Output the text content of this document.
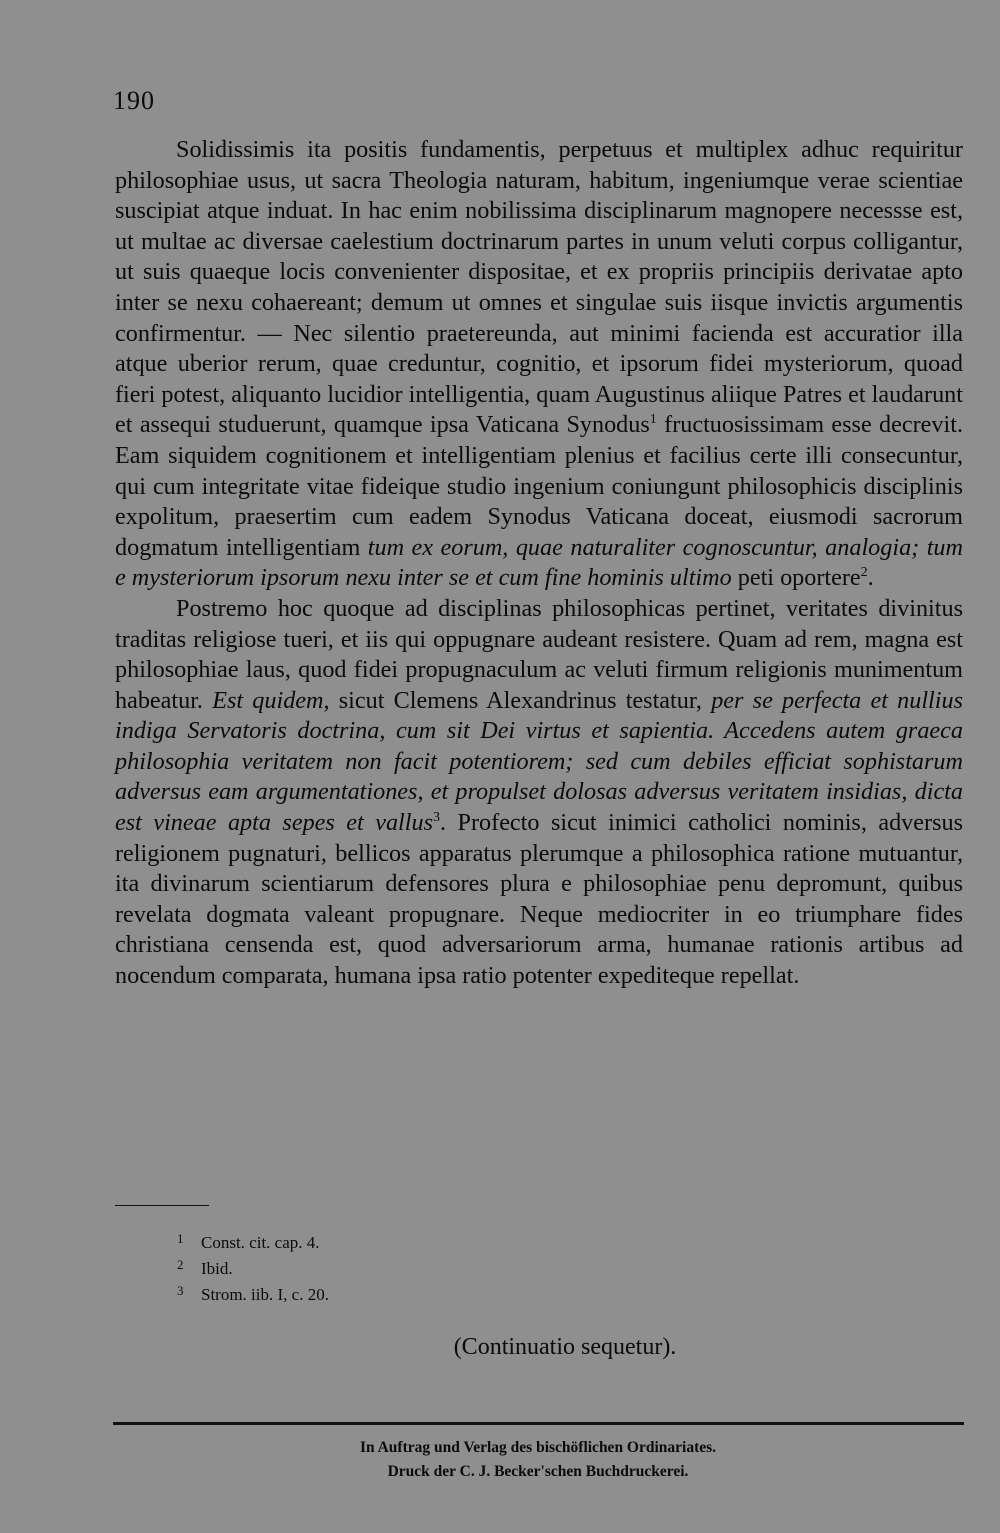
190

Solidissimis ita positis fundamentis, perpetuus et multiplex adhuc requiritur philosophiae usus, ut sacra Theologia naturam, habitum, ingeniumque verae scientiae suscipiat atque induat. In hac enim nobilissima disciplinarum magnopere necessse est, ut multae ac diversae caelestium doctrinarum partes in unum veluti corpus colligantur, ut suis quaeque locis convenienter dispositae, et ex propriis principiis derivatae apto inter se nexu cohaereant; demum ut omnes et singulae suis iisque invictis argumentis confirmentur. — Nec silentio praetereunda, aut minimi facienda est accuratior illa atque uberior rerum, quae creduntur, cognitio, et ipsorum fidei mysteriorum, quoad fieri potest, aliquanto lucidior intelligentia, quam Augustinus aliique Patres et laudarunt et assequi studuerunt, quamque ipsa Vaticana Synodus$^1$ fructuosissimam esse decrevit. Eam siquidem cognitionem et intelligentiam plenius et facilius certe illi consecuntur, qui cum integritate vitae fideique studio ingenium coniungunt philosophicis disciplinis expolitum, praesertim cum eadem Synodus Vaticana doceat, eiusmodi sacrorum dogmatum intelligentiam tum ex eorum, quae naturaliter cognoscuntur, analogia; tum e mysteriorum ipsorum nexu inter se et cum fine hominis ultimo peti oportere$^2$.

Postremo hoc quoque ad disciplinas philosophicas pertinet, veritates divinitus traditas religiose tueri, et iis qui oppugnare audeant resistere. Quam ad rem, magna est philosophiae laus, quod fidei propugnaculum ac veluti firmum religionis munimentum habeatur. Est quidem, sicut Clemens Alexandrinus testatur, per se perfecta et nullius indiga Servatoris doctrina, cum sit Dei virtus et sapientia. Accedens autem graeca philosophia veritatem non facit potentiorem; sed cum debiles efficiat sophistarum adversus eam argumentationes, et propulset dolosas adversus veritatem insidias, dicta est vineae apta sepes et vallus$^3$. Profecto sicut inimici catholici nominis, adversus religionem pugnaturi, bellicos apparatus plerumque a philosophica ratione mutuantur, ita divinarum scientiarum defensores plura e philosophiae penu depromunt, quibus revelata dogmata valeant propugnare. Neque mediocriter in eo triumphare fides christiana censenda est, quod adversariorum arma, humanae rationis artibus ad nocendum comparata, humana ipsa ratio potenter expediteque repellat.

1	Const. cit. cap. 4.
2	Ibid.
3	Strom. iib. I, c. 20.
(Continuatio sequetur).
In Auftrag und Verlag des bischöflichen Ordinariates.
Druck der C. J. Becker'schen Buchdruckerei.
